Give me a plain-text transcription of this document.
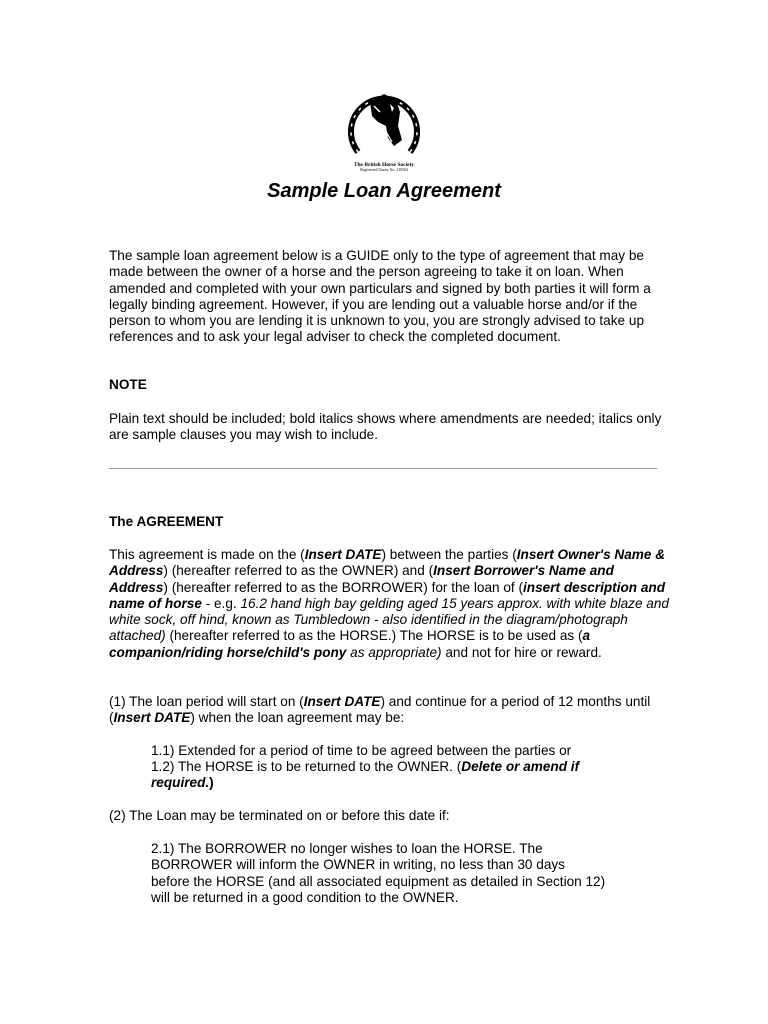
The British Horse Society
Registered Charity No. 210504
Sample Loan Agreement

The sample loan agreement below is a GUIDE only to the type of agreement that may be made between the owner of a horse and the person agreeing to take it on loan. When amended and completed with your own particulars and signed by both parties it will form a legally binding agreement. However, if you are lending out a valuable horse and/or if the person to whom you are lending it is unknown to you, you are strongly advised to take up references and to ask your legal adviser to check the completed document.

NOTE

Plain text should be included; bold italics shows where amendments are needed; italics only are sample clauses you may wish to include.

The AGREEMENT

This agreement is made on the (Insert DATE) between the parties (Insert Owner's Name & Address) (hereafter referred to as the OWNER) and (Insert Borrower's Name and Address) (hereafter referred to as the BORROWER) for the loan of (insert description and name of horse - e.g. 16.2 hand high bay gelding aged 15 years approx. with white blaze and white sock, off hind, known as Tumbledown - also identified in the diagram/photograph attached) (hereafter referred to as the HORSE.) The HORSE is to be used as (a companion/riding horse/child's pony as appropriate) and not for hire or reward.

(1) The loan period will start on (Insert DATE) and continue for a period of 12 months until (Insert DATE) when the loan agreement may be:

1.1) Extended for a period of time to be agreed between the parties or

1.2) The HORSE is to be returned to the OWNER. (Delete or amend if required.)

(2) The Loan may be terminated on or before this date if:

2.1) The BORROWER no longer wishes to loan the HORSE. The BORROWER will inform the OWNER in writing, no less than 30 days before the HORSE (and all associated equipment as detailed in Section 12) will be returned in a good condition to the OWNER.
